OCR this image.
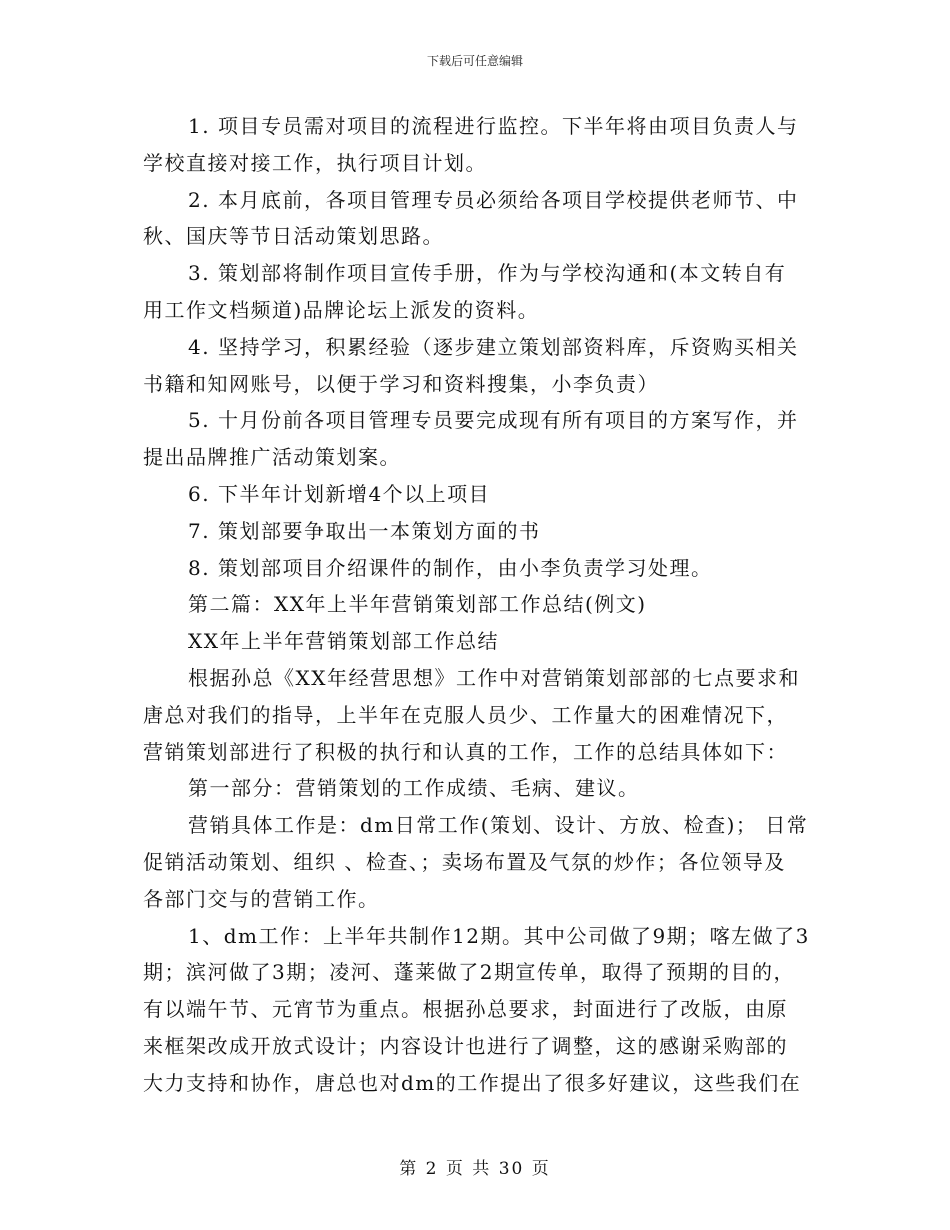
下载后可任意编辑
1. 项目专员需对项目的流程进行监控。下半年将由项目负责人与
学校直接对接工作，执行项目计划。
2. 本月底前，各项目管理专员必须给各项目学校提供老师节、中
秋、国庆等节日活动策划思路。
3. 策划部将制作项目宣传手册，作为与学校沟通和(本文转自有
用工作文档频道)品牌论坛上派发的资料。
4. 坚持学习，积累经验（逐步建立策划部资料库，斥资购买相关
书籍和知网账号，以便于学习和资料搜集，小李负责）
5. 十月份前各项目管理专员要完成现有所有项目的方案写作，并
提出品牌推广活动策划案。
6. 下半年计划新增4个以上项目
7. 策划部要争取出一本策划方面的书
8. 策划部项目介绍课件的制作，由小李负责学习处理。
第二篇：XX年上半年营销策划部工作总结(例文)
XX年上半年营销策划部工作总结
根据孙总《XX年经营思想》工作中对营销策划部部的七点要求和
唐总对我们的指导，上半年在克服人员少、工作量大的困难情况下，
营销策划部进行了积极的执行和认真的工作，工作的总结具体如下：
第一部分：营销策划的工作成绩、毛病、建议。
营销具体工作是：dm日常工作(策划、设计、方放、检查)； 日常
促销活动策划、组织 、检查、；卖场布置及气氛的炒作；各位领导及
各部门交与的营销工作。
1、dm工作：上半年共制作12期。其中公司做了9期；喀左做了3
期；滨河做了3期；凌河、蓬莱做了2期宣传单，取得了预期的目的，
有以端午节、元宵节为重点。根据孙总要求，封面进行了改版，由原
来框架改成开放式设计；内容设计也进行了调整，这的感谢采购部的
大力支持和协作，唐总也对dm的工作提出了很多好建议，这些我们在
第 2 页 共 30 页
